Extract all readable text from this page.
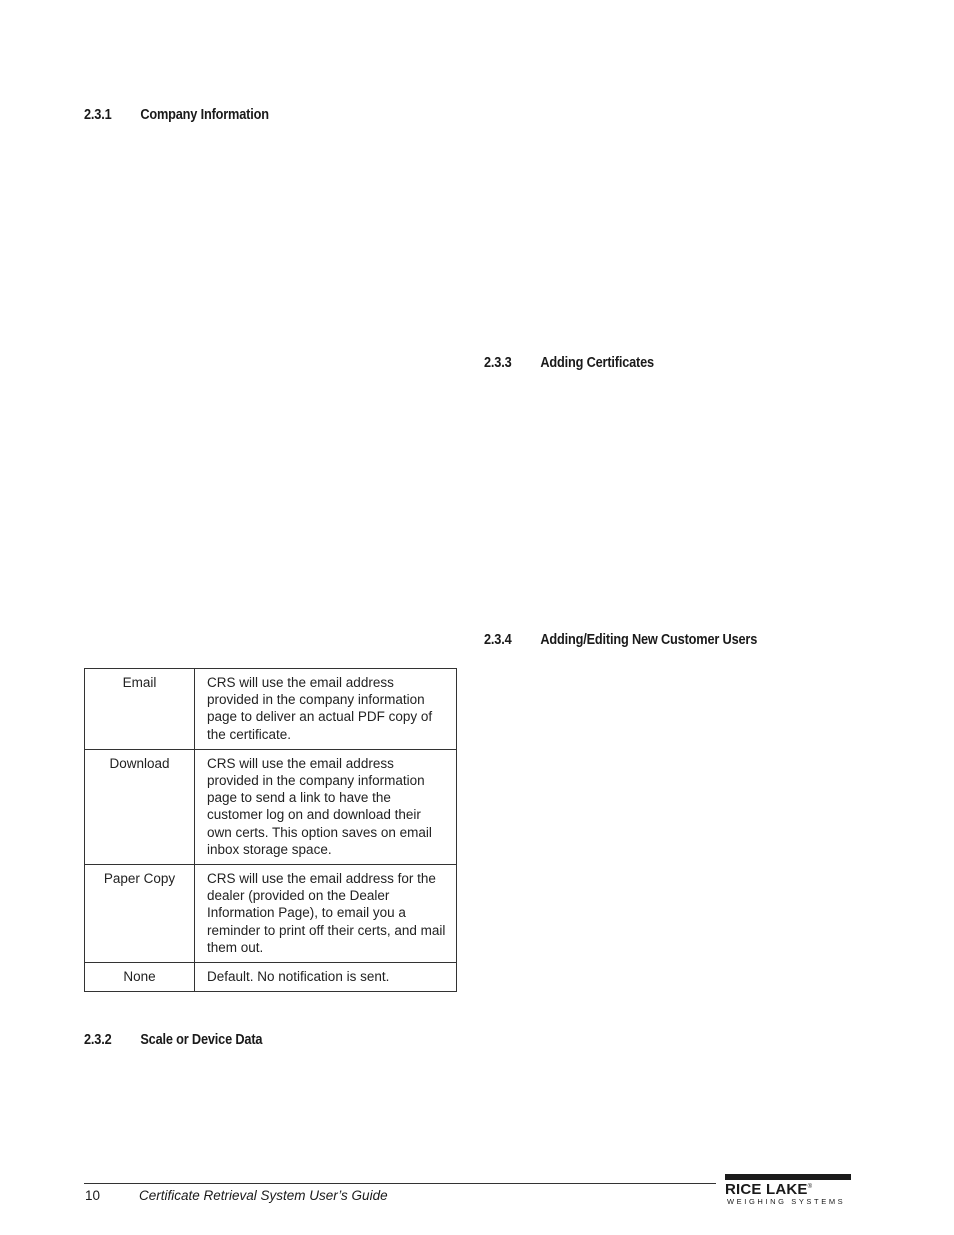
2.3.1 Company Information
2.3.3 Adding Certificates
2.3.4 Adding/Editing New Customer Users
Email	CRS will use the email address provided in the company information page to deliver an actual PDF copy of the certificate.
Download	CRS will use the email address provided in the company information page to send a link to have the customer log on and download their own certs. This option saves on email inbox storage space.
Paper Copy	CRS will use the email address for the dealer (provided on the Dealer Information Page), to email you a reminder to print off their certs, and mail them out.
None	Default. No notification is sent.
2.3.2 Scale or Device Data
10	Certificate Retrieval System User’s Guide	RICE LAKE®
WEIGHING SYSTEMS
